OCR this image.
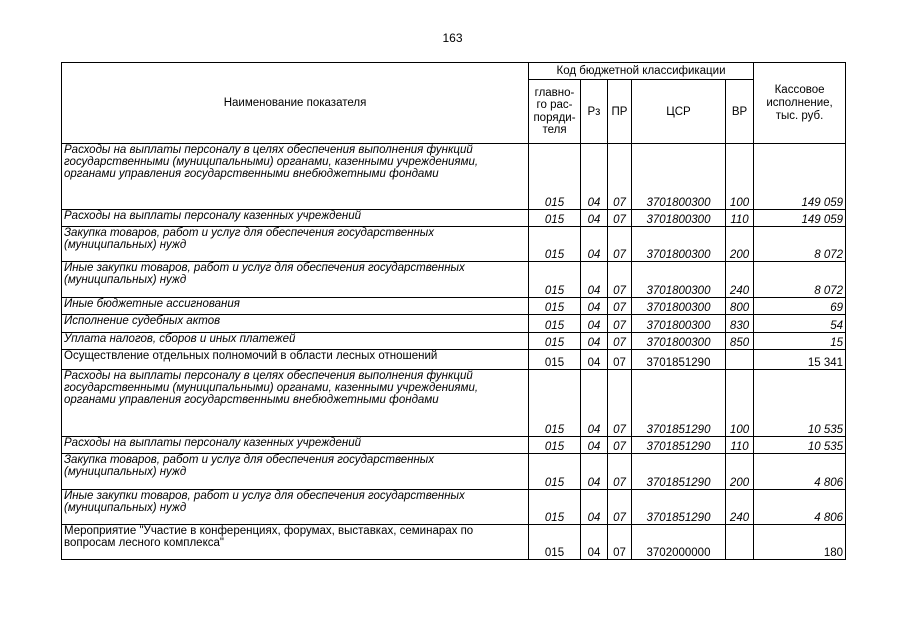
163
Наименование показателя	Код бюджетной классификации					Кассовое исполнение, тыс. руб.
	главно-го рас-поряди-теля	Рз	ПР	ЦСР	ВР	
Расходы на выплаты персоналу в целях обеспечения выполнения функций государственными (муниципальными) органами, казенными учреждениями, органами управления государственными внебюджетными фондами	015	04	07	3701800300	100	149 059
Расходы на выплаты персоналу казенных учреждений	015	04	07	3701800300	110	149 059
Закупка товаров, работ и услуг для обеспечения государственных (муниципальных) нужд	015	04	07	3701800300	200	8 072
Иные закупки товаров, работ и услуг для обеспечения государственных (муниципальных) нужд	015	04	07	3701800300	240	8 072
Иные бюджетные ассигнования	015	04	07	3701800300	800	69
Исполнение судебных актов	015	04	07	3701800300	830	54
Уплата налогов, сборов и иных платежей	015	04	07	3701800300	850	15
Осуществление отдельных полномочий в области лесных отношений	015	04	07	3701851290		15 341
Расходы на выплаты персоналу в целях обеспечения выполнения функций государственными (муниципальными) органами, казенными учреждениями, органами управления государственными внебюджетными фондами	015	04	07	3701851290	100	10 535
Расходы на выплаты персоналу казенных учреждений	015	04	07	3701851290	110	10 535
Закупка товаров, работ и услуг для обеспечения государственных (муниципальных) нужд	015	04	07	3701851290	200	4 806
Иные закупки товаров, работ и услуг для обеспечения государственных (муниципальных) нужд	015	04	07	3701851290	240	4 806
Мероприятие "Участие в конференциях, форумах, выставках, семинарах по вопросам лесного комплекса"	015	04	07	3702000000		180
